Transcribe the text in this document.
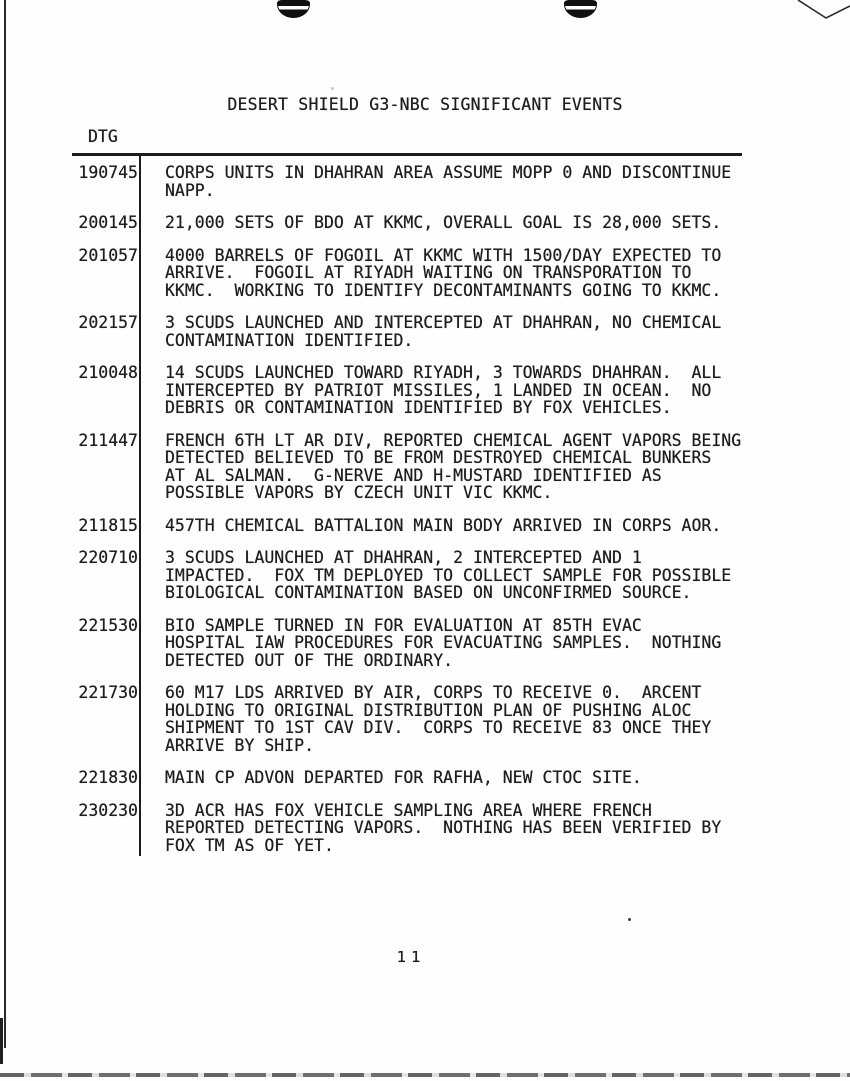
DESERT SHIELD G3-NBC SIGNIFICANT EVENTS
DTG
190745 CORPS UNITS IN DHAHRAN AREA ASSUME MOPP 0 AND DISCONTINUE
NAPP.
200145 21,000 SETS OF BDO AT KKMC, OVERALL GOAL IS 28,000 SETS.
201057 4000 BARRELS OF FOGOIL AT KKMC WITH 1500/DAY EXPECTED TO
ARRIVE.  FOGOIL AT RIYADH WAITING ON TRANSPORATION TO
KKMC.  WORKING TO IDENTIFY DECONTAMINANTS GOING TO KKMC.
202157 3 SCUDS LAUNCHED AND INTERCEPTED AT DHAHRAN, NO CHEMICAL
CONTAMINATION IDENTIFIED.
210048 14 SCUDS LAUNCHED TOWARD RIYADH, 3 TOWARDS DHAHRAN.  ALL
INTERCEPTED BY PATRIOT MISSILES, 1 LANDED IN OCEAN.  NO
DEBRIS OR CONTAMINATION IDENTIFIED BY FOX VEHICLES.
211447 FRENCH 6TH LT AR DIV, REPORTED CHEMICAL AGENT VAPORS BEING
DETECTED BELIEVED TO BE FROM DESTROYED CHEMICAL BUNKERS
AT AL SALMAN.  G-NERVE AND H-MUSTARD IDENTIFIED AS
POSSIBLE VAPORS BY CZECH UNIT VIC KKMC.
211815 457TH CHEMICAL BATTALION MAIN BODY ARRIVED IN CORPS AOR.
220710 3 SCUDS LAUNCHED AT DHAHRAN, 2 INTERCEPTED AND 1
IMPACTED.  FOX TM DEPLOYED TO COLLECT SAMPLE FOR POSSIBLE
BIOLOGICAL CONTAMINATION BASED ON UNCONFIRMED SOURCE.
221530 BIO SAMPLE TURNED IN FOR EVALUATION AT 85TH EVAC
HOSPITAL IAW PROCEDURES FOR EVACUATING SAMPLES.  NOTHING
DETECTED OUT OF THE ORDINARY.
221730 60 M17 LDS ARRIVED BY AIR, CORPS TO RECEIVE 0.  ARCENT
HOLDING TO ORIGINAL DISTRIBUTION PLAN OF PUSHING ALOC
SHIPMENT TO 1ST CAV DIV.  CORPS TO RECEIVE 83 ONCE THEY
ARRIVE BY SHIP.
221830 MAIN CP ADVON DEPARTED FOR RAFHA, NEW CTOC SITE.
230230 3D ACR HAS FOX VEHICLE SAMPLING AREA WHERE FRENCH
REPORTED DETECTING VAPORS.  NOTHING HAS BEEN VERIFIED BY
FOX TM AS OF YET.
11
